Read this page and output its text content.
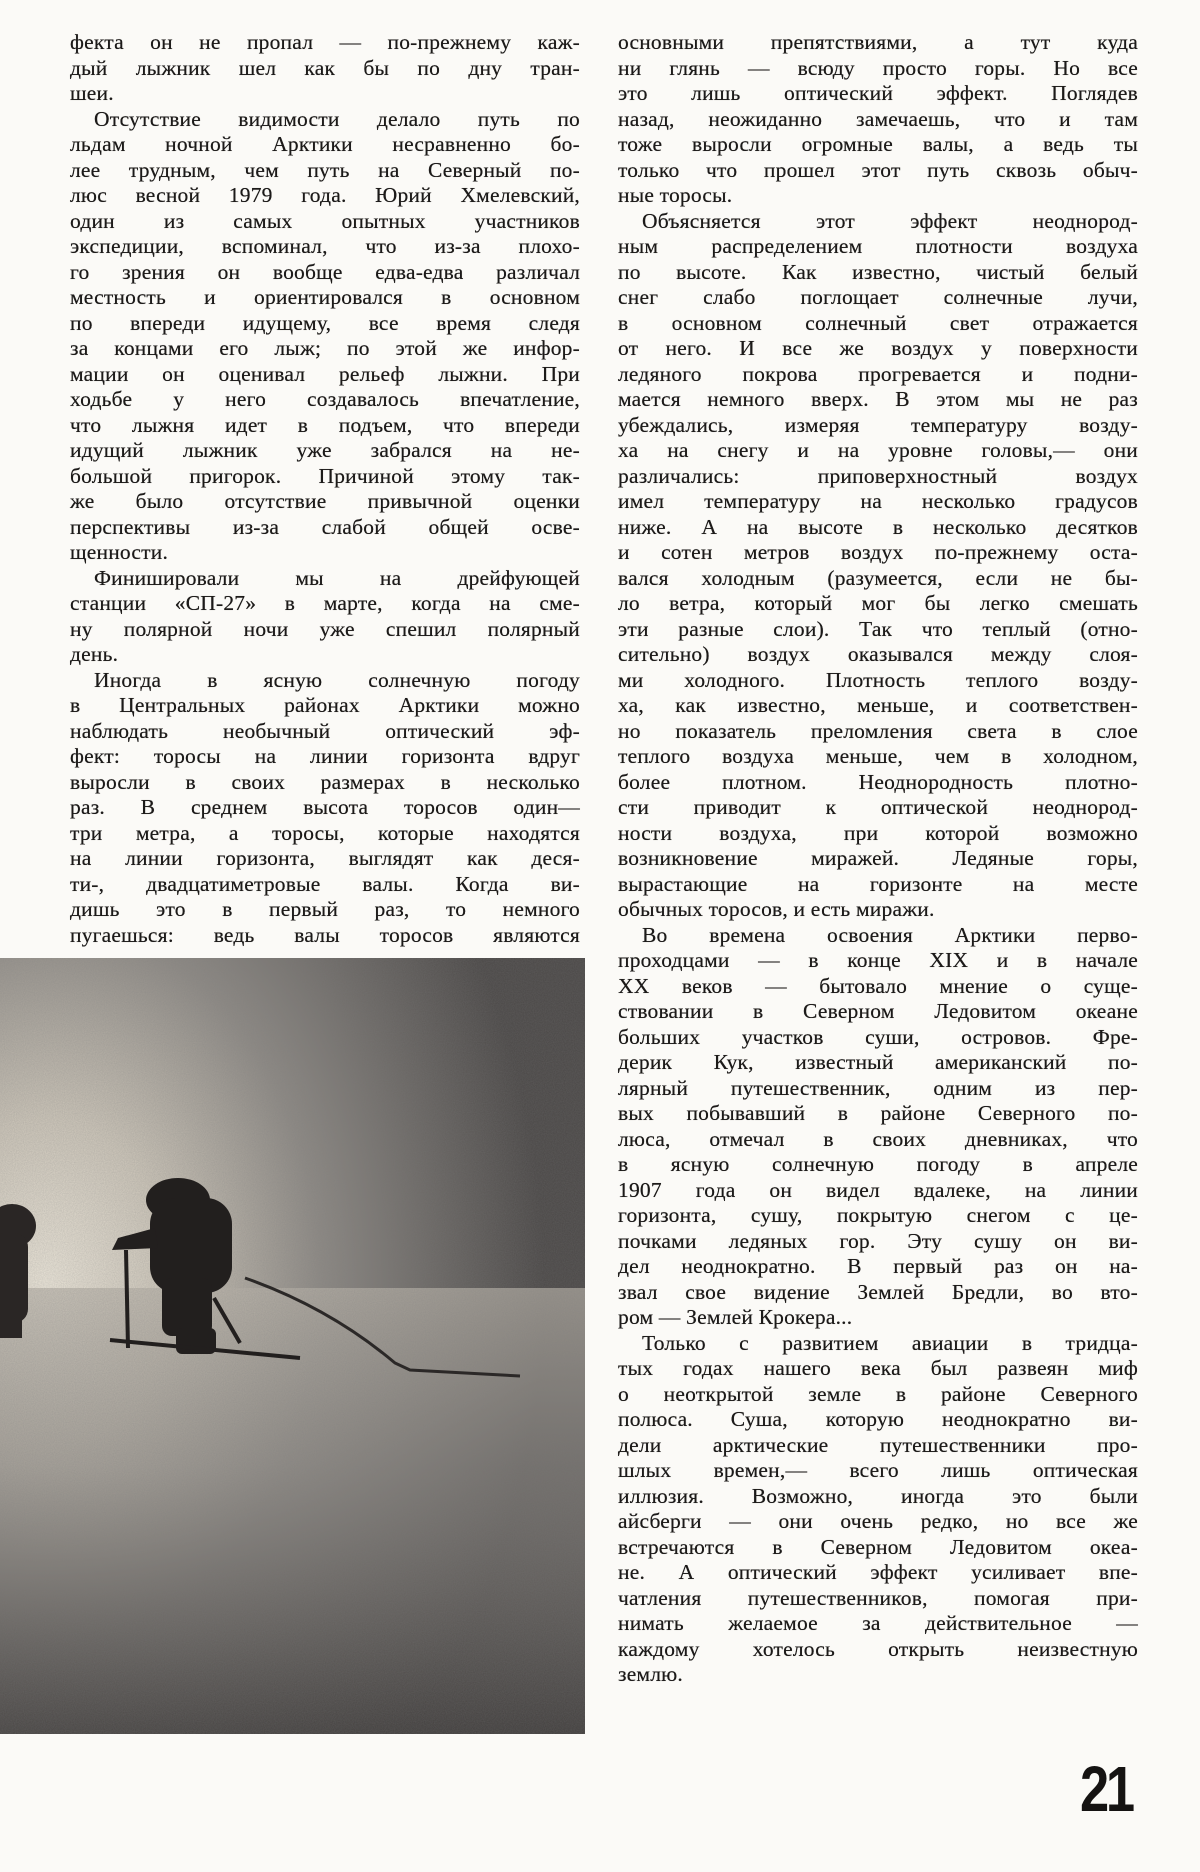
фекта он не пропал — по-прежнему каж-
дый лыжник шел как бы по дну тран-
шеи.
Отсутствие видимости делало путь по
льдам ночной Арктики несравненно бо-
лее трудным, чем путь на Северный по-
люс весной 1979 года. Юрий Хмелевский,
один из самых опытных участников
экспедиции, вспоминал, что из-за плохо-
го зрения он вообще едва-едва различал
местность и ориентировался в основном
по впереди идущему, все время следя
за концами его лыж; по этой же инфор-
мации он оценивал рельеф лыжни. При
ходьбе у него создавалось впечатление,
что лыжня идет в подъем, что впереди
идущий лыжник уже забрался на не-
большой пригорок. Причиной этому так-
же было отсутствие привычной оценки
перспективы из-за слабой общей осве-
щенности.
Финишировали мы на дрейфующей
станции «СП-27» в марте, когда на сме-
ну полярной ночи уже спешил полярный
день.
Иногда в ясную солнечную погоду
в Центральных районах Арктики можно
наблюдать необычный оптический эф-
фект: торосы на линии горизонта вдруг
выросли в своих размерах в несколько
раз. В среднем высота торосов один—
три метра, а торосы, которые находятся
на линии горизонта, выглядят как деся-
ти-, двадцатиметровые валы. Когда ви-
дишь это в первый раз, то немного
пугаешься: ведь валы торосов являются
основными препятствиями, а тут куда
ни глянь — всюду просто горы. Но все
это лишь оптический эффект. Поглядев
назад, неожиданно замечаешь, что и там
тоже выросли огромные валы, а ведь ты
только что прошел этот путь сквозь обыч-
ные торосы.
Объясняется этот эффект неоднород-
ным распределением плотности воздуха
по высоте. Как известно, чистый белый
снег слабо поглощает солнечные лучи,
в основном солнечный свет отражается
от него. И все же воздух у поверхности
ледяного покрова прогревается и подни-
мается немного вверх. В этом мы не раз
убеждались, измеряя температуру возду-
ха на снегу и на уровне головы,— они
различались: приповерхностный воздух
имел температуру на несколько градусов
ниже. А на высоте в несколько десятков
и сотен метров воздух по-прежнему оста-
вался холодным (разумеется, если не бы-
ло ветра, который мог бы легко смешать
эти разные слои). Так что теплый (отно-
сительно) воздух оказывался между слоя-
ми холодного. Плотность теплого возду-
ха, как известно, меньше, и соответствен-
но показатель преломления света в слое
теплого воздуха меньше, чем в холодном,
более плотном. Неоднородность плотно-
сти приводит к оптической неоднород-
ности воздуха, при которой возможно
возникновение миражей. Ледяные горы,
вырастающие на горизонте на месте
обычных торосов, и есть миражи.
Во времена освоения Арктики перво-
проходцами — в конце XIX и в начале
XX веков — бытовало мнение о суще-
ствовании в Северном Ледовитом океане
больших участков суши, островов. Фре-
дерик Кук, известный американский по-
лярный путешественник, одним из пер-
вых побывавший в районе Северного по-
люса, отмечал в своих дневниках, что
в ясную солнечную погоду в апреле
1907 года он видел вдалеке, на линии
горизонта, сушу, покрытую снегом с це-
почками ледяных гор. Эту сушу он ви-
дел неоднократно. В первый раз он на-
звал свое видение Землей Бредли, во вто-
ром — Землей Крокера...
Только с развитием авиации в тридца-
тых годах нашего века был развеян миф
о неоткрытой земле в районе Северного
полюса. Суша, которую неоднократно ви-
дели арктические путешественники про-
шлых времен,— всего лишь оптическая
иллюзия. Возможно, иногда это были
айсберги — они очень редко, но все же
встречаются в Северном Ледовитом океа-
не. А оптический эффект усиливает впе-
чатления путешественников, помогая при-
нимать желаемое за действительное —
каждому хотелось открыть неизвестную
землю.
21
